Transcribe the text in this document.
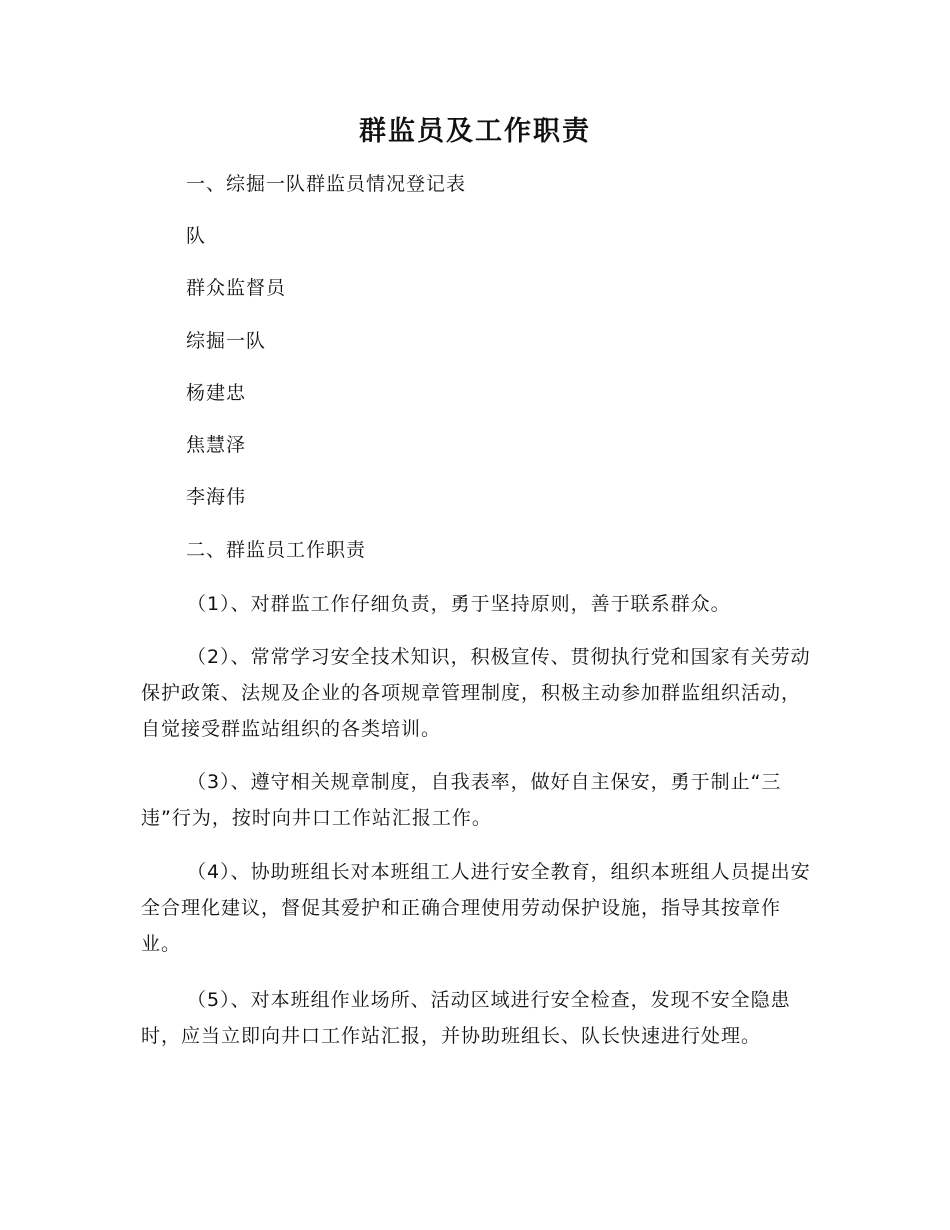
群监员及工作职责
一、综掘一队群监员情况登记表
队
群众监督员
综掘一队
杨建忠
焦慧泽
李海伟
二、群监员工作职责
（1）、对群监工作仔细负责，勇于坚持原则，善于联系群众。
（2）、常常学习安全技术知识，积极宣传、贯彻执行党和国家有关劳动保护政策、法规及企业的各项规章管理制度，积极主动参加群监组织活动，自觉接受群监站组织的各类培训。
（3）、遵守相关规章制度，自我表率，做好自主保安，勇于制止“三违”行为，按时向井口工作站汇报工作。
（4）、协助班组长对本班组工人进行安全教育，组织本班组人员提出安全合理化建议，督促其爱护和正确合理使用劳动保护设施，指导其按章作业。
（5）、对本班组作业场所、活动区域进行安全检查，发现不安全隐患时，应当立即向井口工作站汇报，并协助班组长、队长快速进行处理。
